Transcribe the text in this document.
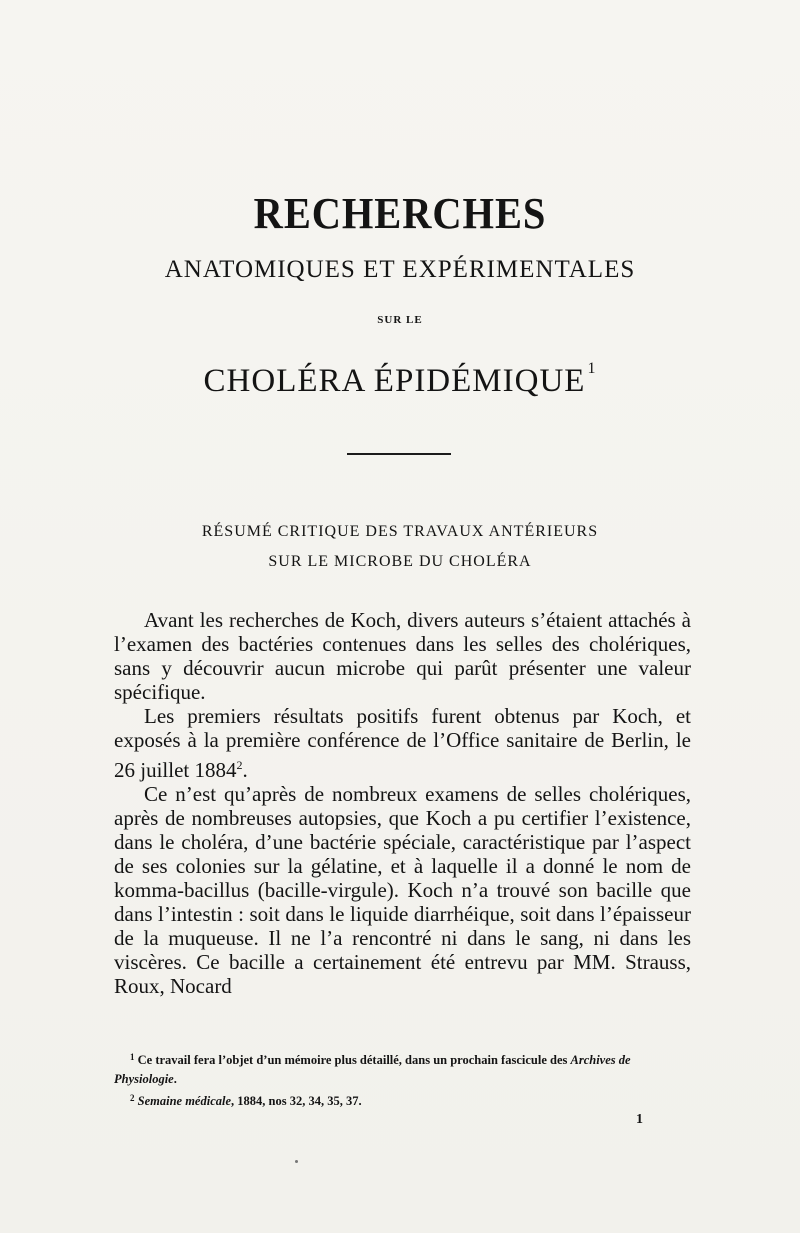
RECHERCHES
ANATOMIQUES ET EXPÉRIMENTALES
SUR LE
CHOLÉRA ÉPIDÉMIQUE $^1$
RÉSUMÉ CRITIQUE DES TRAVAUX ANTÉRIEURS
SUR LE MICROBE DU CHOLÉRA

Avant les recherches de Koch, divers auteurs s’étaient attachés à l’examen des bactéries contenues dans les selles des cholériques, sans y découvrir aucun microbe qui parût présenter une valeur spécifique.

Les premiers résultats positifs furent obtenus par Koch, et exposés à la première conférence de l’Office sanitaire de Berlin, le 26 juillet 1884$^2$.

Ce n’est qu’après de nombreux examens de selles cholériques, après de nombreuses autopsies, que Koch a pu certifier l’existence, dans le choléra, d’une bactérie spéciale, caractéristique par l’aspect de ses colonies sur la gélatine, et à laquelle il a donné le nom de komma-bacillus (bacille-virgule). Koch n’a trouvé son bacille que dans l’intestin : soit dans le liquide diarrhéique, soit dans l’épaisseur de la muqueuse. Il ne l’a rencontré ni dans le sang, ni dans les viscères. Ce bacille a certainement été entrevu par MM. Strauss, Roux, Nocard

$^1$ Ce travail fera l’objet d’un mémoire plus détaillé, dans un prochain fascicule des Archives de Physiologie.

$^2$ Semaine médicale, 1884, nos 32, 34, 35, 37.

1
